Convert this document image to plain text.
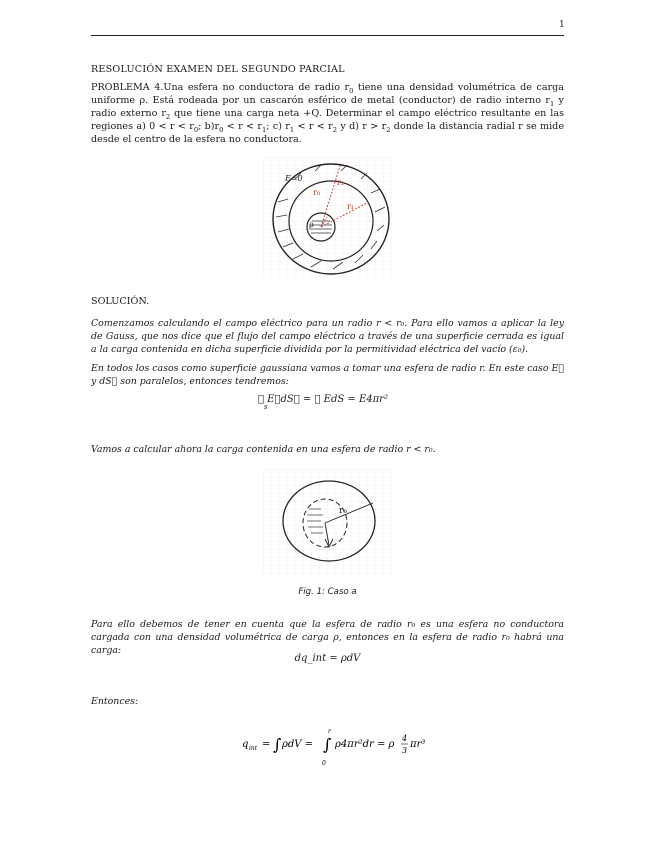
1
RESOLUCIÓN EXAMEN DEL SEGUNDO PARCIAL

PROBLEMA 4.Una esfera no conductora de radio $r_0$ tiene una densidad volumétrica de carga uniforme ρ. Está rodeada por un cascarón esférico de metal (conductor) de radio interno $r_1$ y radio externo $r_2$ que tiene una carga neta +Q. Determinar el campo eléctrico resultante en las regiones a) $0 < r < r_0$; $b)r_0 < r < r_1$; c) $r_1 < r < r_2$ y d) $r > r_2$ donde la distancia radial r se mide desde el centro de la esfera no conductora.

E=0
r₀
r₂
r₁
ρ
SOLUCIÓN.

Comenzamos calculando el campo eléctrico para un radio r < r₀. Para ello vamos a aplicar la ley de Gauss, que nos dice que el flujo del campo eléctrico a través de una superficie cerrada es igual a la carga contenida en dicha superficie dividida por la permitividad eléctrica del vacío (ε₀).

En todos los casos como superficie gaussiana vamos a tomar una esfera de radio r. En este caso E⃗ y dS⃗ son paralelos, entonces tendremos:

∮ E⃗dS⃗ = ∮ EdS = E4πr²
s

Vamos a calcular ahora la carga contenida en una esfera de radio r < r₀.

r₀
Fig. 1: Caso a

Para ello debemos de tener en cuenta que la esfera de radio r₀ es una esfera no conductora cargada con una densidad volumétrica de carga ρ, entonces en la esfera de radio r₀ habrá una carga:

dq_int = ρdV
Entonces:
q int = ∫ ρdV = ∫
r
0
ρ4πr²dr = ρ
4
3
πr³
